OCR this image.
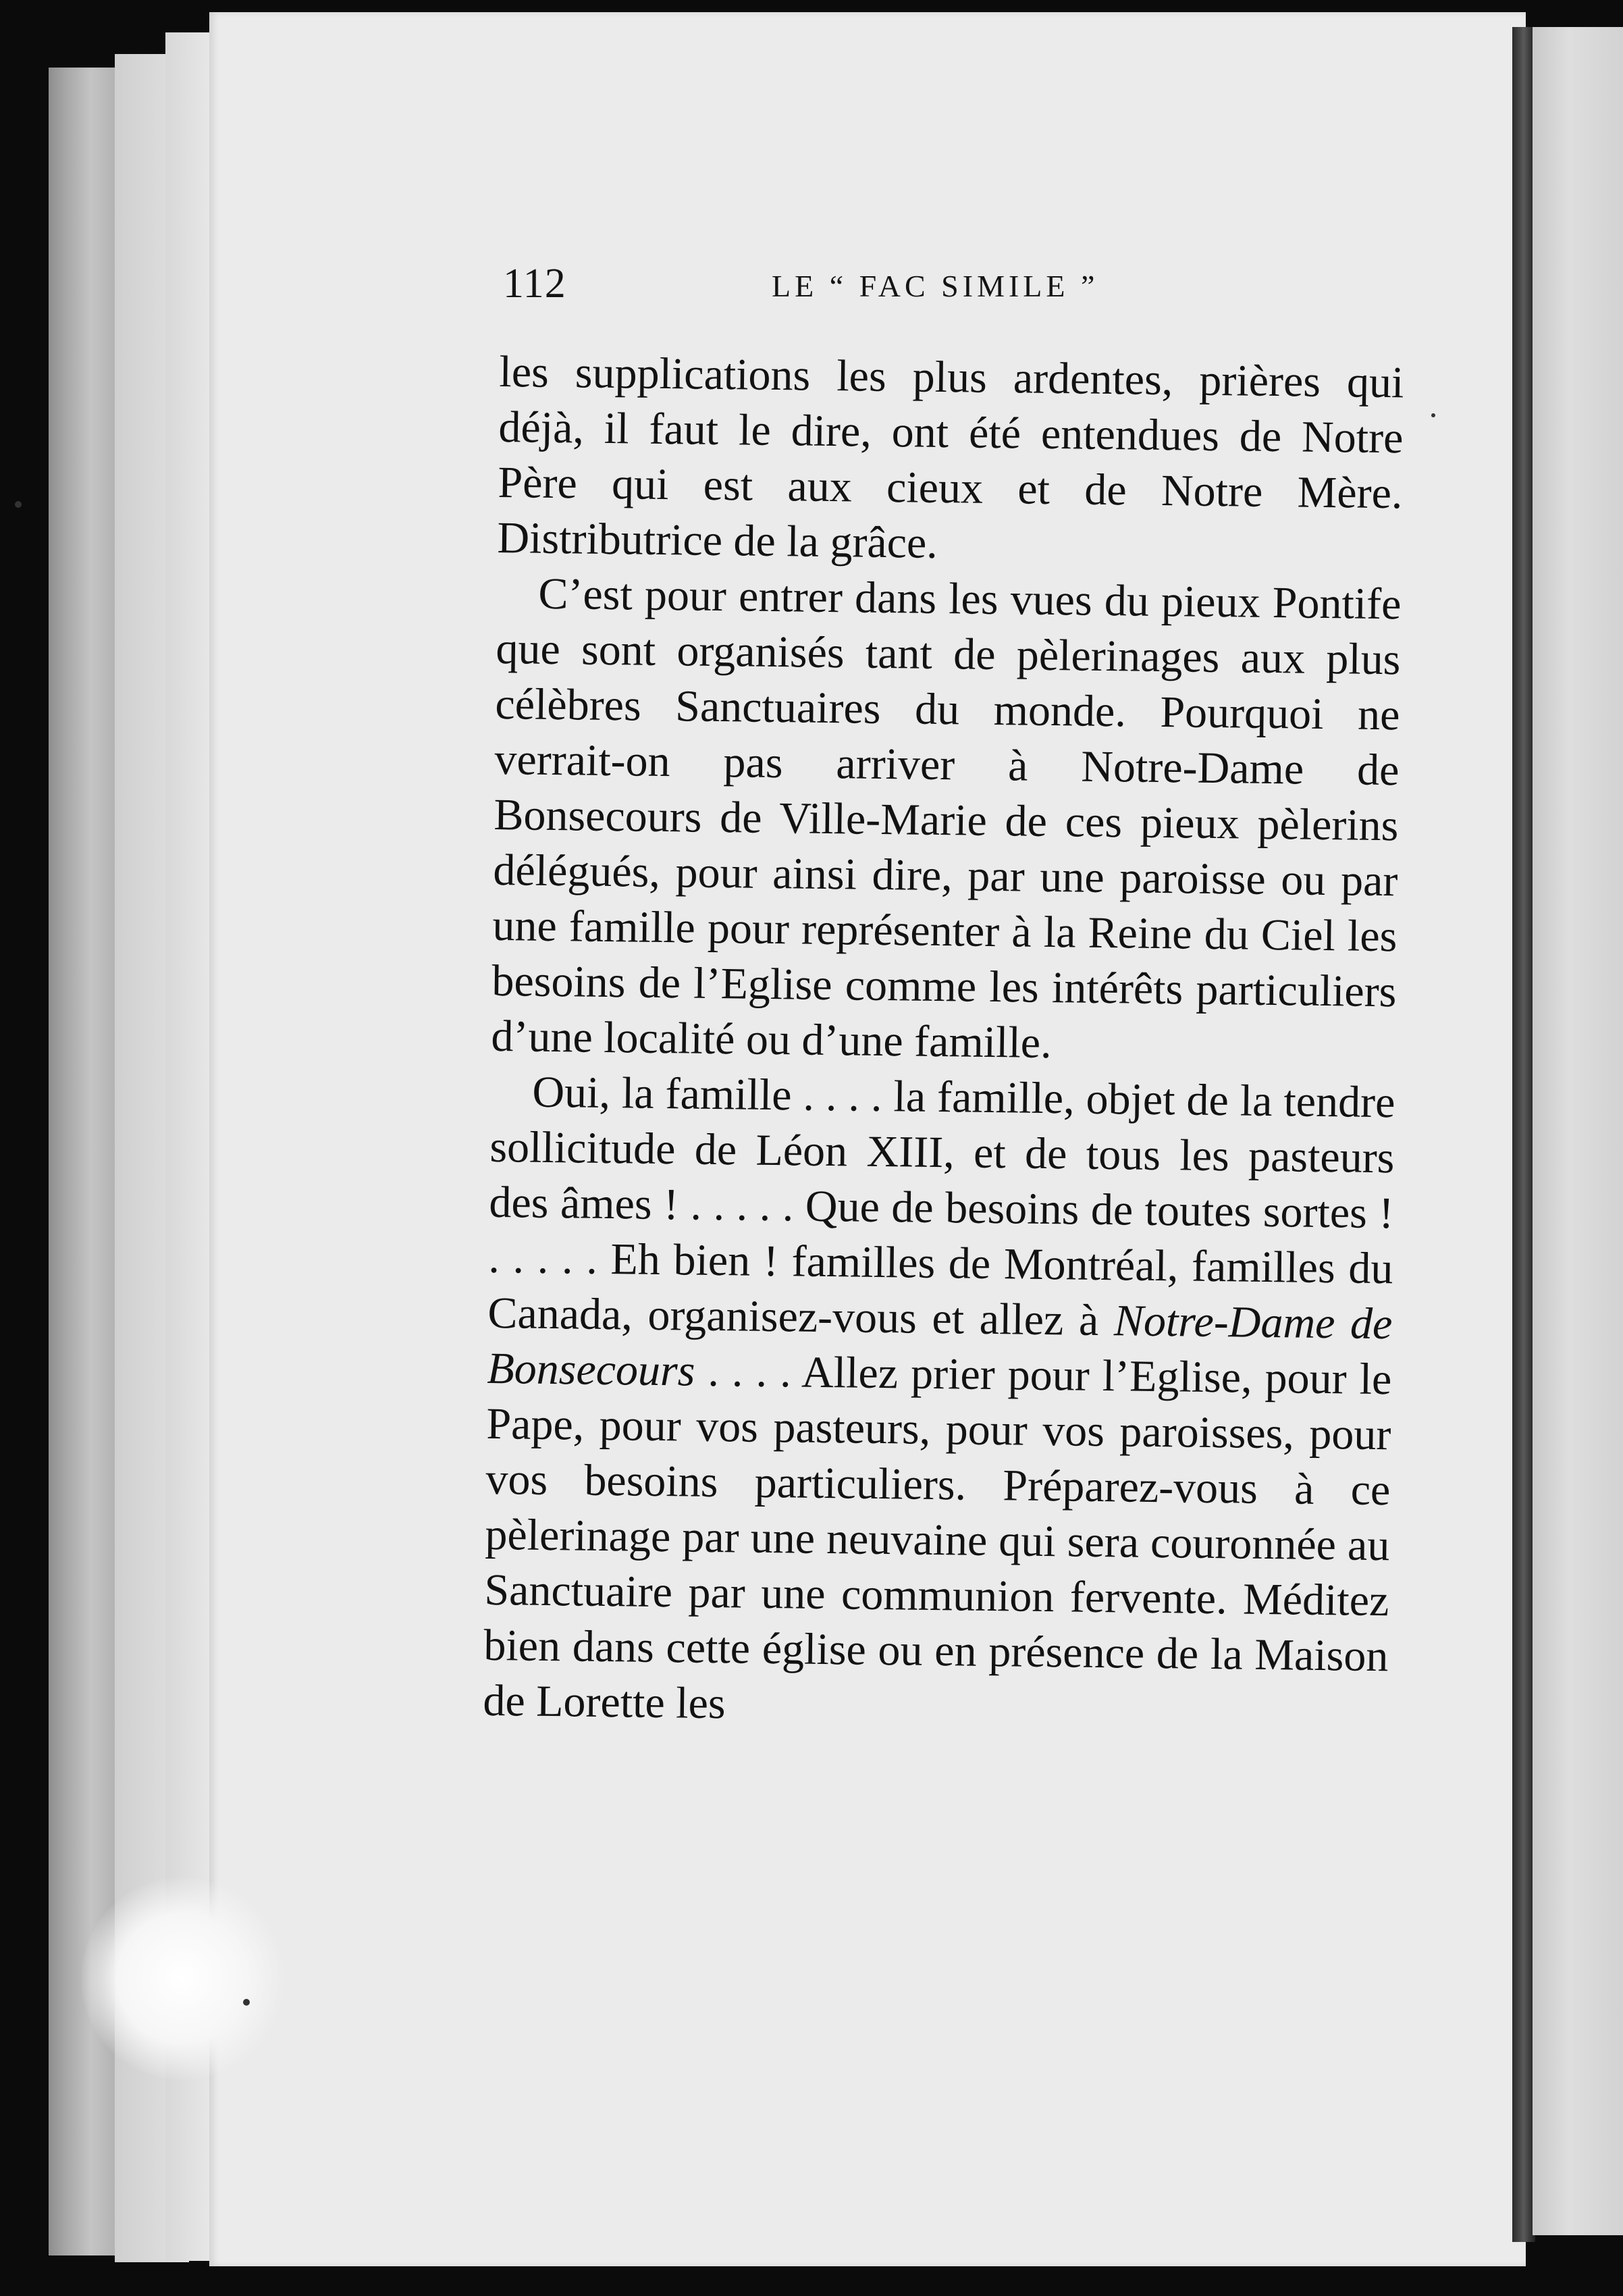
112	LE “ FAC SIMILE ”

les supplications les plus ardentes, prières qui déjà, il faut le dire, ont été entendues de Notre Père qui est aux cieux et de Notre Mère. Distributrice de la grâce.

C’est pour entrer dans les vues du pieux Pontife que sont organisés tant de pèlerinages aux plus célèbres Sanctuaires du monde. Pourquoi ne verrait-on pas arriver à Notre-Dame de Bonsecours de Ville-Marie de ces pieux pèlerins délégués, pour ainsi dire, par une paroisse ou par une famille pour représenter à la Reine du Ciel les besoins de l’Eglise comme les intérêts particuliers d’une localité ou d’une famille.

Oui, la famille . . . . la famille, objet de la tendre sollicitude de Léon XIII, et de tous les pasteurs des âmes ! . . . . . Que de besoins de toutes sortes ! . . . . . Eh bien ! familles de Montréal, familles du Canada, organisez-vous et allez à Notre-Dame de Bonsecours . . . . Allez prier pour l’Eglise, pour le Pape, pour vos pasteurs, pour vos paroisses, pour vos besoins particuliers. Préparez-vous à ce pèlerinage par une neuvaine qui sera couronnée au Sanctuaire par une communion fervente. Méditez bien dans cette église ou en présence de la Maison de Lorette les
